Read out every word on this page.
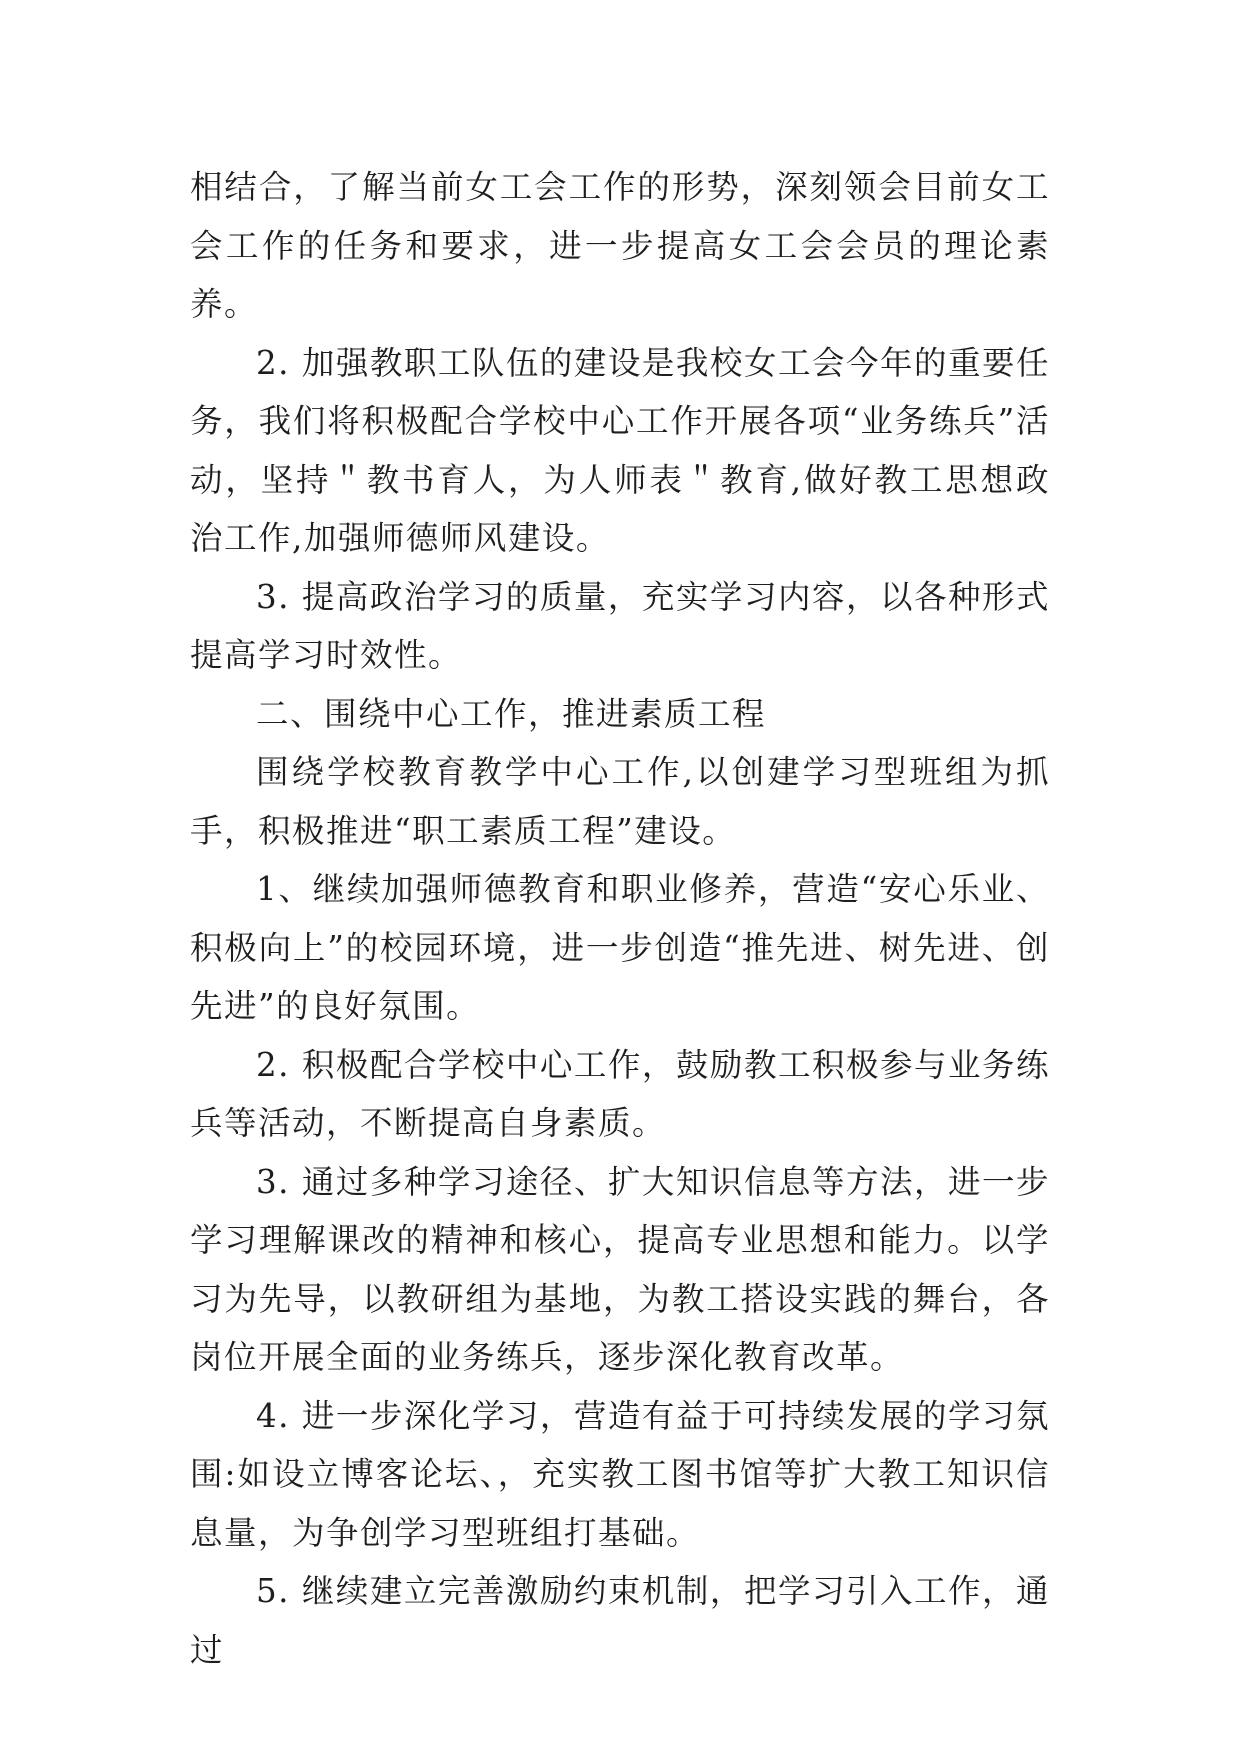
相结合，了解当前女工会工作的形势，深刻领会目前女工会工作的任务和要求，进一步提高女工会会员的理论素养。

2. 加强教职工队伍的建设是我校女工会今年的重要任务，我们将积极配合学校中心工作开展各项“业务练兵”活动，坚持＂教书育人，为人师表＂教育,做好教工思想政治工作,加强师德师风建设。

3. 提高政治学习的质量，充实学习内容，以各种形式提高学习时效性。

二、围绕中心工作，推进素质工程

围绕学校教育教学中心工作,以创建学习型班组为抓手，积极推进“职工素质工程”建设。

1、继续加强师德教育和职业修养，营造“安心乐业、积极向上”的校园环境，进一步创造“推先进、树先进、创先进”的良好氛围。

2. 积极配合学校中心工作，鼓励教工积极参与业务练兵等活动，不断提高自身素质。

3. 通过多种学习途径、扩大知识信息等方法，进一步学习理解课改的精神和核心，提高专业思想和能力。以学习为先导，以教研组为基地，为教工搭设实践的舞台，各岗位开展全面的业务练兵，逐步深化教育改革。

4. 进一步深化学习，营造有益于可持续发展的学习氛围:如设立博客论坛、，充实教工图书馆等扩大教工知识信息量，为争创学习型班组打基础。

5. 继续建立完善激励约束机制，把学习引入工作，通过
